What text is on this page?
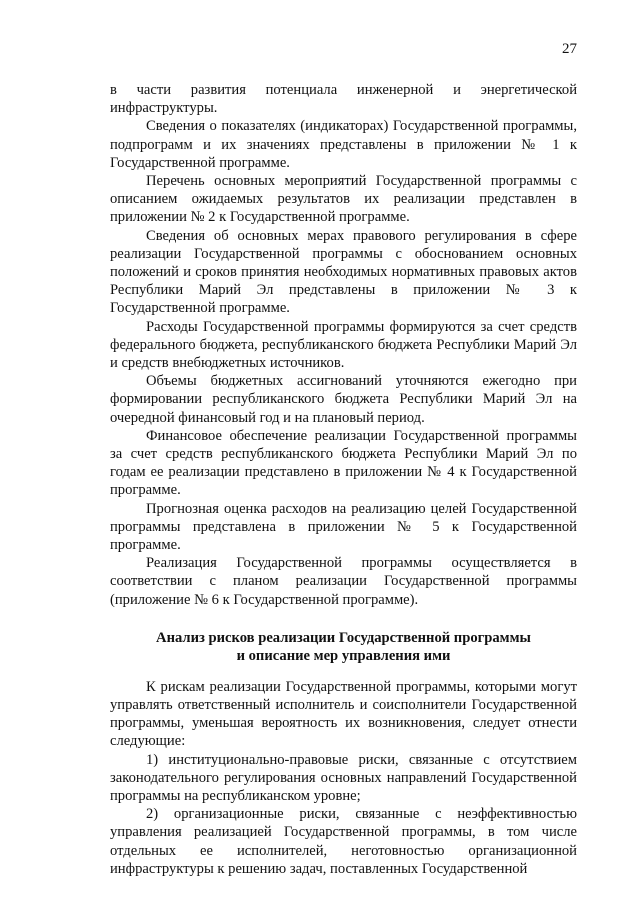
27

в части развития потенциала инженерной и энергетической инфраструктуры.

Сведения о показателях (индикаторах) Государственной программы, подпрограмм и их значениях представлены в приложении № 1 к Государственной программе.

Перечень основных мероприятий Государственной программы с описанием ожидаемых результатов их реализации представлен в приложении № 2 к Государственной программе.

Сведения об основных мерах правового регулирования в сфере реализации Государственной программы с обоснованием основных положений и сроков принятия необходимых нормативных правовых актов Республики Марий Эл представлены в приложении № 3 к Государственной программе.

Расходы Государственной программы формируются за счет средств федерального бюджета, республиканского бюджета Республики Марий Эл и средств внебюджетных источников.

Объемы бюджетных ассигнований уточняются ежегодно при формировании республиканского бюджета Республики Марий Эл на очередной финансовый год и на плановый период.

Финансовое обеспечение реализации Государственной программы за счет средств республиканского бюджета Республики Марий Эл по годам ее реализации представлено в приложении № 4 к Государственной программе.

Прогнозная оценка расходов на реализацию целей Государственной программы представлена в приложении № 5 к Государственной программе.

Реализация Государственной программы осуществляется в соответствии с планом реализации Государственной программы (приложение № 6 к Государственной программе).

Анализ рисков реализации Государственной программы
и описание мер управления ими

К рискам реализации Государственной программы, которыми могут управлять ответственный исполнитель и соисполнители Государственной программы, уменьшая вероятность их возникновения, следует отнести следующие:

1) институционально-правовые риски, связанные с отсутствием законодательного регулирования основных направлений Государственной программы на республиканском уровне;

2) организационные риски, связанные с неэффективностью управления реализацией Государственной программы, в том числе отдельных ее исполнителей, неготовностью организационной инфраструктуры к решению задач, поставленных Государственной
